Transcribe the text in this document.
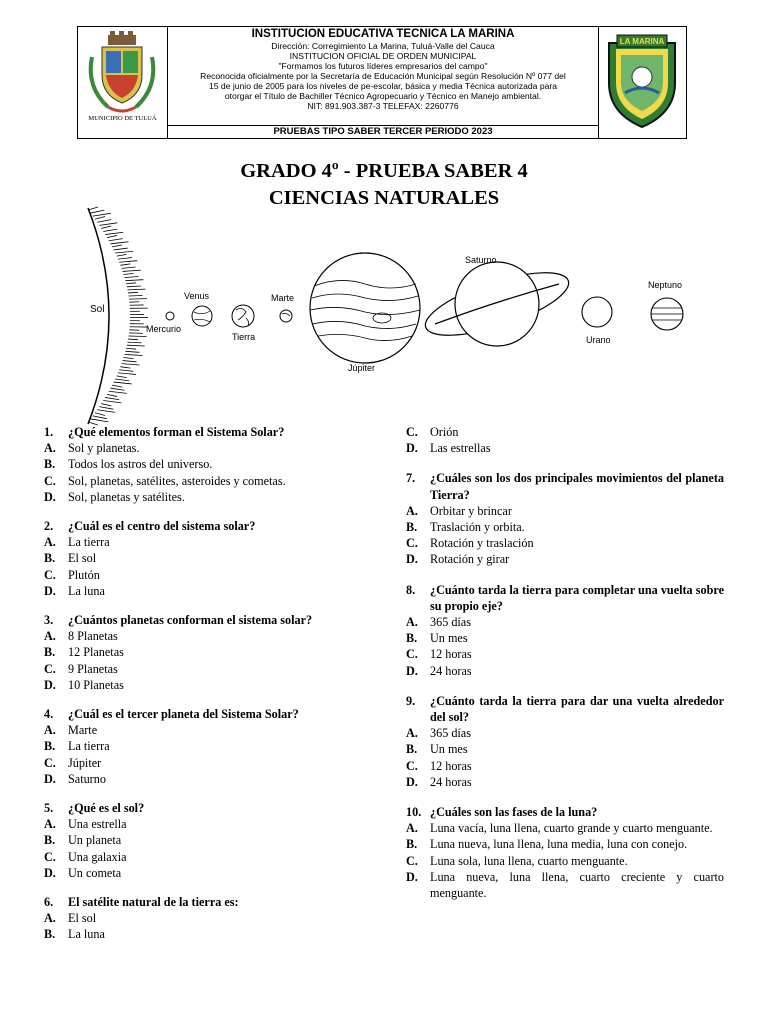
MUNICIPIO DE TULUÁ
INSTITUCION EDUCATIVA TECNICA LA MARINA
Dirección: Corregimiento La Marina, Tuluá-Valle del Cauca
INSTITUCION OFICIAL DE ORDEN MUNICIPAL
"Formamos los futuros líderes empresarios del campo"
Reconocida oficialmente por la Secretaría de Educación Municipal según Resolución Nº 077 del
15 de junio de 2005 para los niveles de pe-escolar, básica y media Técnica autorizada para
otorgar el Título de Bachiller Técnico Agropecuario y Técnico en Manejo ambiental.
NIT: 891.903.387-3 TELEFAX: 2260776
PRUEBAS TIPO SABER TERCER PERIODO 2023
LA MARINA
GRADO 4º - PRUEBA SABER 4
CIENCIAS NATURALES
Sol
Mercurio
Venus
Tierra
Marte
Júpiter
Saturno
Urano
Neptuno
1.	¿Qué elementos forman el Sistema Solar?
A. Sol y planetas.
B.	Todos los astros del universo.
C. Sol, planetas, satélites, asteroides y cometas.
D. Sol, planetas y satélites.
2.	¿Cuál es el centro del sistema solar?
A. La tierra
B.	El sol
C. Plutón
D. La luna
3.	¿Cuántos planetas conforman el sistema solar?
A. 8 Planetas
B.	12 Planetas
C. 9 Planetas
D. 10 Planetas
4.	¿Cuál es el tercer planeta del Sistema Solar?
A. Marte
B.	La tierra
C. Júpiter
D. Saturno
5.	¿Qué es el sol?
A. Una estrella
B.	Un planeta
C. Una galaxia
D. Un cometa
6.	El satélite natural de la tierra es:
A. El sol
B.	La luna
C. Orión
D. Las estrellas
7.	¿Cuáles son los dos principales movimientos del planeta Tierra?
A. Orbitar y brincar
B.	Traslación y orbita.
C. Rotación y traslación
D. Rotación y girar
8.	¿Cuánto tarda la tierra para completar una vuelta sobre su propio eje?
A. 365 días
B.	Un mes
C. 12 horas
D. 24 horas
9.	¿Cuánto tarda la tierra para dar una vuelta alrededor del sol?
A. 365 días
B.	Un mes
C. 12 horas
D. 24 horas
10. ¿Cuáles son las fases de la luna?
A. Luna vacía, luna llena, cuarto grande y cuarto menguante.
B.	Luna nueva, luna llena, luna media, luna con conejo.
C. Luna sola, luna llena, cuarto menguante.
D. Luna nueva, luna llena, cuarto creciente y cuarto menguante.
